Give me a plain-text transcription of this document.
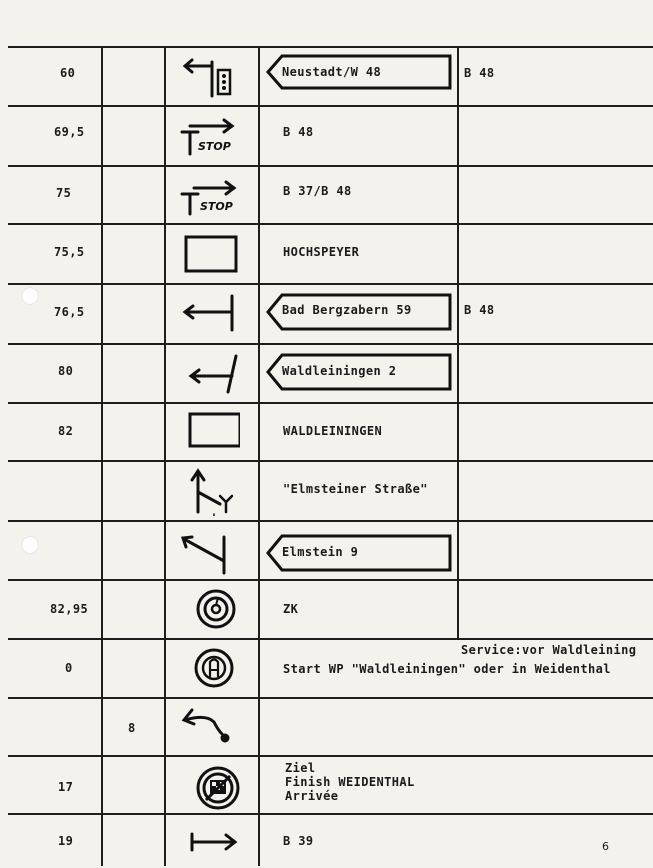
60
69,5
75
75,5
76,5
80
82
82,95
0
17
19
8
STOP
STOP
Neustadt/W 48
Bad Bergzabern 59
Waldleiningen 2
Elmstein 9
B 48
B 37/B 48
HOCHSPEYER
WALDLEININGEN
"Elmsteiner Straße"
ZK
Start WP "Waldleiningen" oder in Weidenthal
Ziel
Finish WEIDENTHAL
Arrivée
B 39
B 48
B 48
Service:vor Waldleining
6
